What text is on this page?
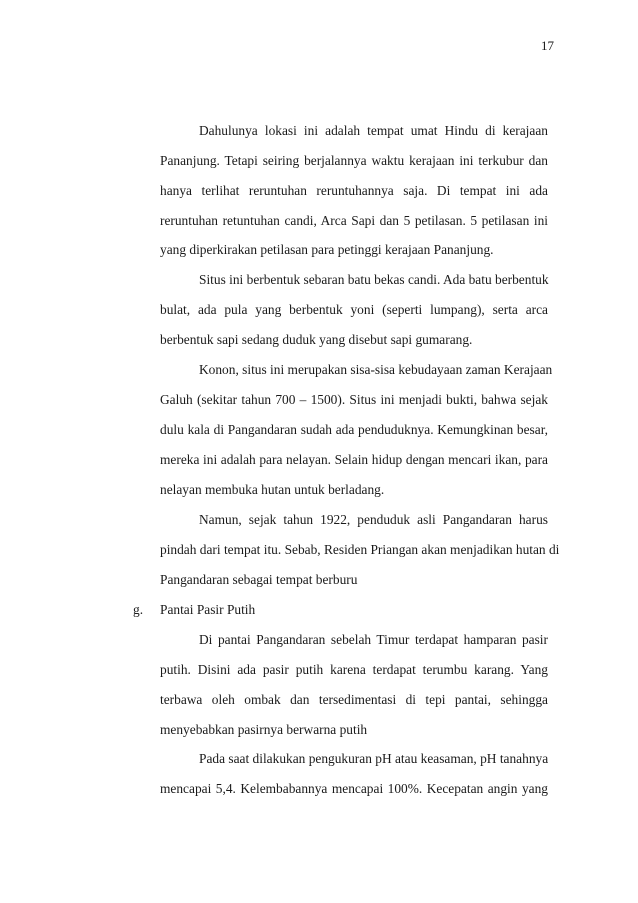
17
Dahulunya lokasi ini adalah tempat umat Hindu di kerajaan
Pananjung. Tetapi seiring berjalannya waktu kerajaan ini terkubur dan
hanya terlihat reruntuhan reruntuhannya saja. Di tempat ini ada
reruntuhan retuntuhan candi, Arca Sapi dan 5 petilasan. 5 petilasan ini
yang diperkirakan petilasan para petinggi kerajaan Pananjung.
Situs ini berbentuk sebaran batu bekas candi. Ada batu berbentuk
bulat, ada pula yang berbentuk yoni (seperti lumpang), serta arca
berbentuk sapi sedang duduk yang disebut sapi gumarang.
Konon, situs ini merupakan sisa-sisa kebudayaan zaman Kerajaan
Galuh (sekitar tahun 700 – 1500). Situs ini menjadi bukti, bahwa sejak
dulu kala di Pangandaran sudah ada penduduknya. Kemungkinan besar,
mereka ini adalah para nelayan. Selain hidup dengan mencari ikan, para
nelayan membuka hutan untuk berladang.
Namun, sejak tahun 1922, penduduk asli Pangandaran harus
pindah dari tempat itu. Sebab, Residen Priangan akan menjadikan hutan di
Pangandaran sebagai tempat berburu
g. Pantai Pasir Putih
Di pantai Pangandaran sebelah Timur terdapat hamparan pasir
putih. Disini ada pasir putih karena terdapat terumbu karang. Yang
terbawa oleh ombak dan tersedimentasi di tepi pantai, sehingga
menyebabkan pasirnya berwarna putih
Pada saat dilakukan pengukuran pH atau keasaman, pH tanahnya
mencapai 5,4. Kelembabannya mencapai 100%. Kecepatan angin yang
